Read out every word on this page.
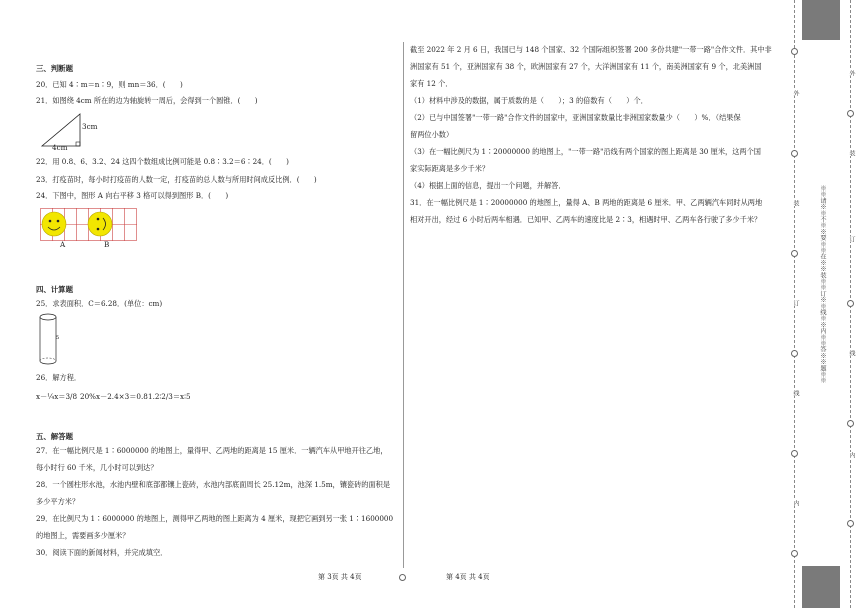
三、判断题
20．已知 4∶m＝n∶9，则 mn＝36．(　　)
21．如图绕 4cm 所在的边为轴旋转一周后，会得到一个圆锥．(　　)
3cm
4cm
22．用 0.8、6、3.2、24 这四个数组成比例可能是 0.8∶3.2＝6∶24．(　　)
23．打疫苗时，每小时打疫苗的人数一定，打疫苗的总人数与所用时间成反比例．(　　)
24．下图中，图形 A 向右平移 3 格可以得到图形 B．(　　)
A	B
四、计算题
25．求表面积．C＝6.28．(单位：cm)
5
26．解方程．
x－¼x＝3/8 20%x－2.4×3＝0.8 1.2∶2/3＝x∶5
五、解答题
27．在一幅比例尺是 1∶6000000 的地图上，量得甲、乙两地的距离是 15 厘米．一辆汽车从甲地开往乙地，
每小时行 60 千米，几小时可以到达？
28．一个圆柱形水池，水池内壁和底部都镶上瓷砖，水池内部底面周长 25.12m，池深 1.5m，镶瓷砖的面积是
多少平方米？
29．在比例尺为 1∶6000000 的地图上，测得甲乙两地的图上距离为 4 厘米，现把它画到另一张 1∶1600000
的地图上，需要画多少厘米？
30．阅读下面的新闻材料，并完成填空．
截至 2022 年 2 月 6 日，我国已与 148 个国家、32 个国际组织签署 200 多份共建"一带一路"合作文件．其中非
洲国家有 51 个，亚洲国家有 38 个，欧洲国家有 27 个，大洋洲国家有 11 个，南美洲国家有 9 个，北美洲国
家有 12 个．
（1）材料中涉及的数据，属于质数的是（　　）；3 的倍数有（　　）个．
（2）已与中国签署"一带一路"合作文件的国家中，亚洲国家数量比非洲国家数量少（　　）%．（结果保
留两位小数）
（3）在一幅比例尺为 1∶20000000 的地图上，"一带一路"沿线有两个国家的图上距离是 30 厘米，这两个国
家实际距离是多少千米？
（4）根据上面的信息，提出一个问题，并解答．
31．在一幅比例尺是 1∶20000000 的地图上，量得 A、B 两地的距离是 6 厘米．甲、乙两辆汽车同时从两地
相对开出，经过 6 小时后两车相遇．已知甲、乙两车的速度比是 2∶3，相遇时甲、乙两车各行驶了多少千米？
第 3页 共 4页	第 4页 共 4页
※※请※※不※※要※※在※※装※※订※※线※※内※※答※※题※※
外
装
订
线
内
外
装
订
线
内
